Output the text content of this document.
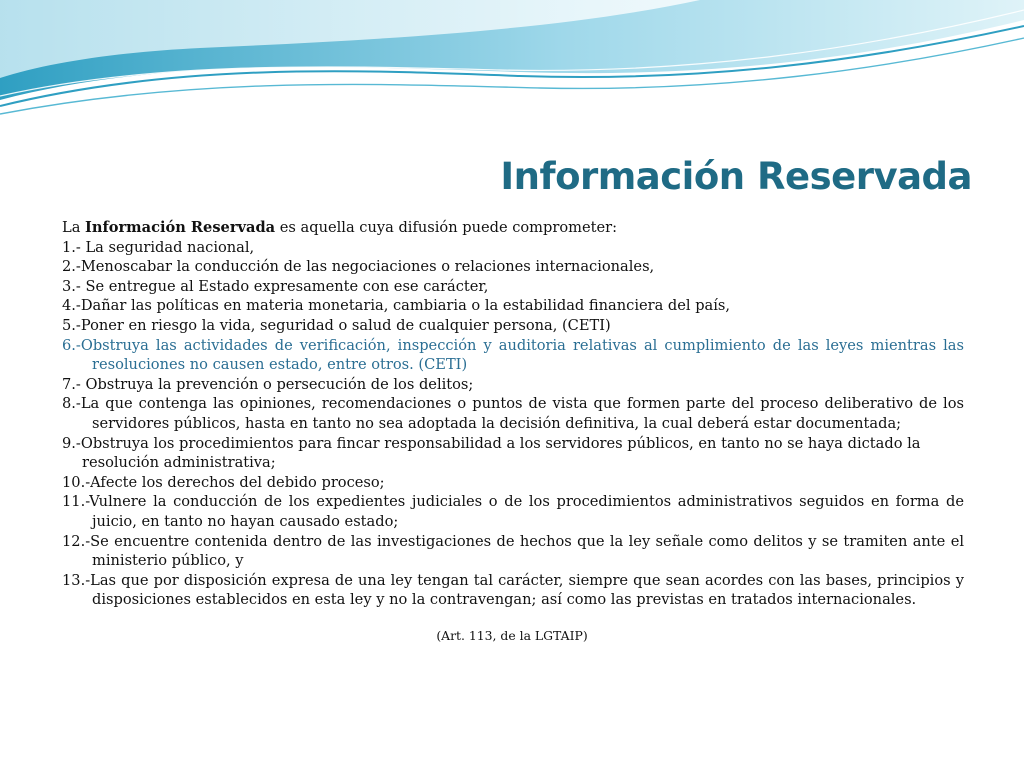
Información Reservada
La Información Reservada es aquella cuya difusión puede comprometer:
1.- La seguridad nacional,
2.-Menoscabar la conducción de las negociaciones o relaciones internacionales,
3.- Se entregue al Estado expresamente con ese carácter,
4.-Dañar las políticas en materia monetaria, cambiaria o la estabilidad financiera del país,
5.-Poner en riesgo la vida, seguridad o salud de cualquier persona, (CETI)
6.-Obstruya las actividades de verificación, inspección y auditoria relativas al cumplimiento de las leyes mientras las resoluciones no causen estado, entre otros. (CETI)
7.- Obstruya la prevención o persecución de los delitos;
8.-La que contenga las opiniones, recomendaciones o puntos de vista que formen parte del proceso deliberativo de los servidores públicos, hasta en tanto no sea adoptada la decisión definitiva, la cual deberá estar documentada;
9.-Obstruya los procedimientos para fincar responsabilidad a los servidores públicos, en tanto no se haya dictado la
resolución administrativa;
10.-Afecte los derechos del debido proceso;
11.-Vulnere la conducción de los expedientes judiciales o de los procedimientos administrativos seguidos en forma de juicio, en tanto no hayan causado estado;
12.-Se encuentre contenida dentro de las investigaciones de hechos que la ley señale como delitos y se tramiten ante el ministerio público, y
13.-Las que por disposición expresa de una ley tengan tal carácter, siempre que sean acordes con las bases, principios y disposiciones establecidos en esta ley y no la contravengan; así como las previstas en tratados internacionales.
(Art. 113, de la LGTAIP)
